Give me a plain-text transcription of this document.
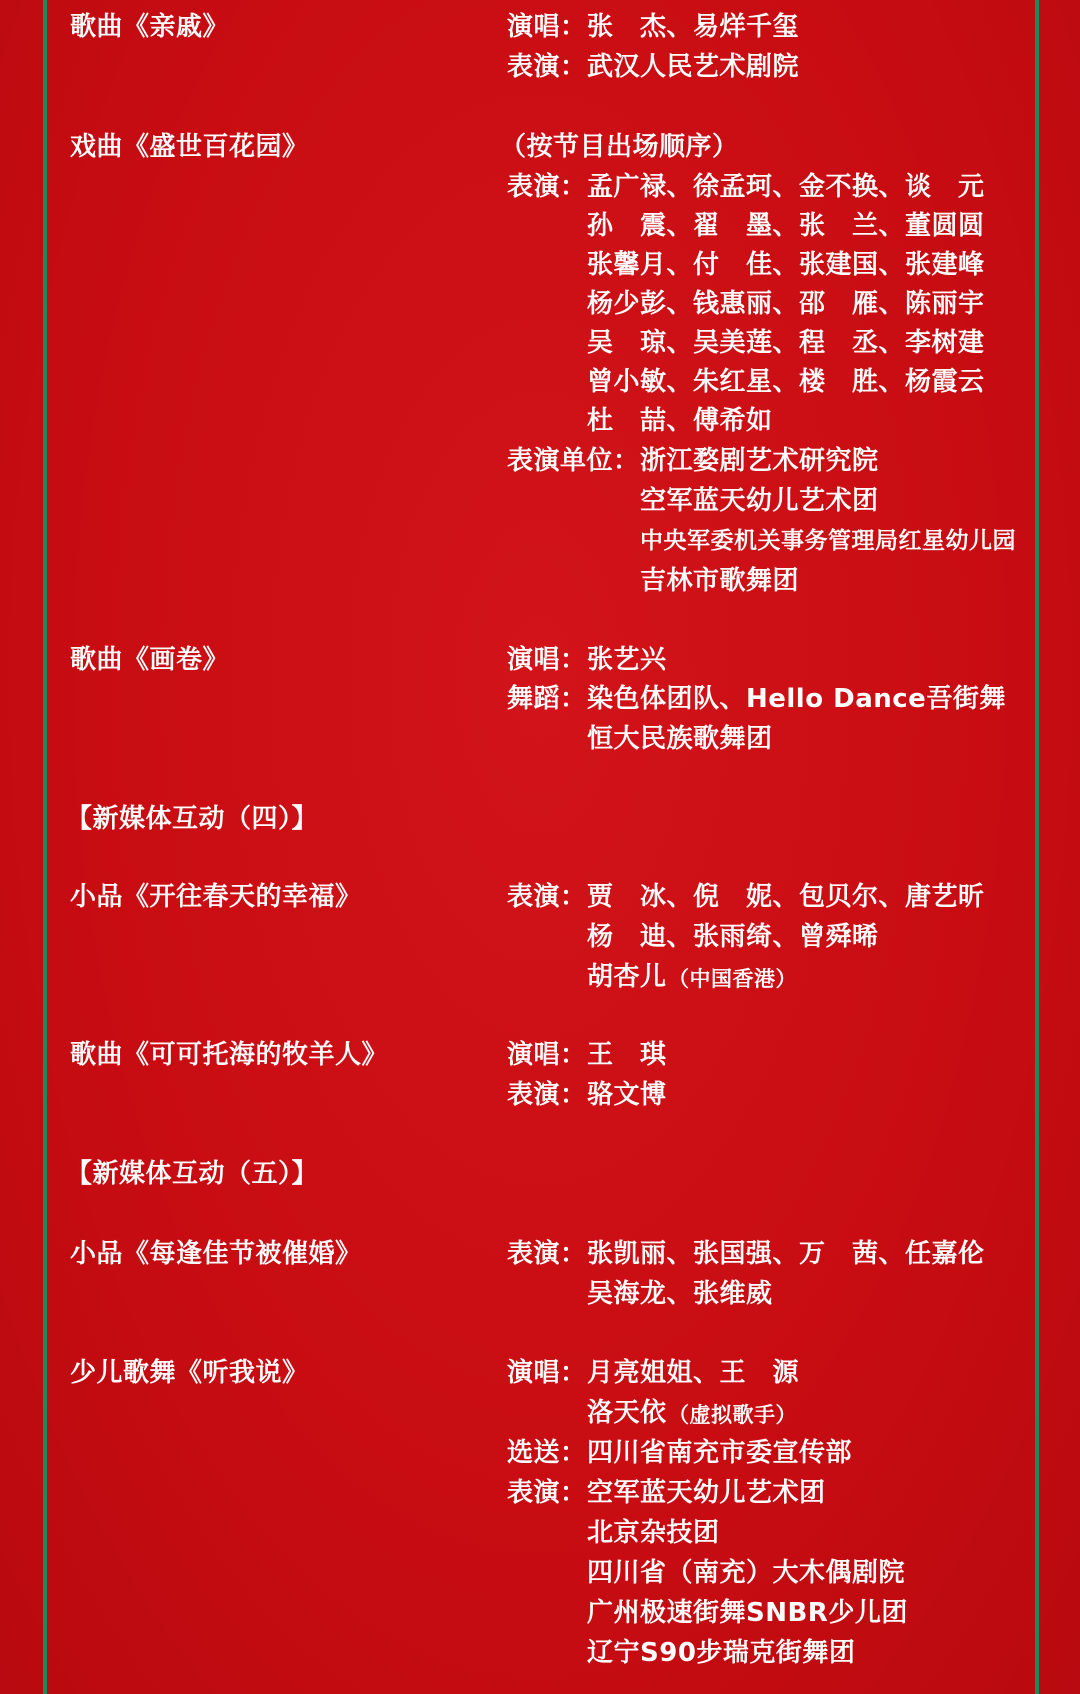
歌曲《亲戚》	演唱： 张　杰、易烊千玺
表演： 武汉人民艺术剧院
戏曲《盛世百花园》	（按节目出场顺序）
表演： 孟广禄、徐孟珂、金不换、谈　元
孙　震、翟　墨、张　兰、董圆圆
张馨月、付　佳、张建国、张建峰
杨少彭、钱惠丽、邵　雁、陈丽宇
吴　琼、吴美莲、程　丞、李树建
曾小敏、朱红星、楼　胜、杨霞云
杜　喆、傅希如
表演单位： 浙江婺剧艺术研究院
空军蓝天幼儿艺术团
中央军委机关事务管理局红星幼儿园
吉林市歌舞团
歌曲《画卷》	演唱： 张艺兴
舞蹈： 染色体团队、Hello Dance吾街舞
恒大民族歌舞团
【新媒体互动（四）】
小品《开往春天的幸福》	表演： 贾　冰、倪　妮、包贝尔、唐艺昕
杨　迪、张雨绮、曾舜晞
胡杏儿 （中国香港）
歌曲《可可托海的牧羊人》	演唱： 王　琪
表演： 骆文博
【新媒体互动（五）】
小品《每逢佳节被催婚》	表演： 张凯丽、张国强、万　茜、任嘉伦
吴海龙、张维威
少儿歌舞《听我说》	演唱： 月亮姐姐、王　源
洛天依 （虚拟歌手）
选送： 四川省南充市委宣传部
表演： 空军蓝天幼儿艺术团
北京杂技团
四川省（南充）大木偶剧院
广州极速街舞SNBR少儿团
辽宁S90步瑞克街舞团
